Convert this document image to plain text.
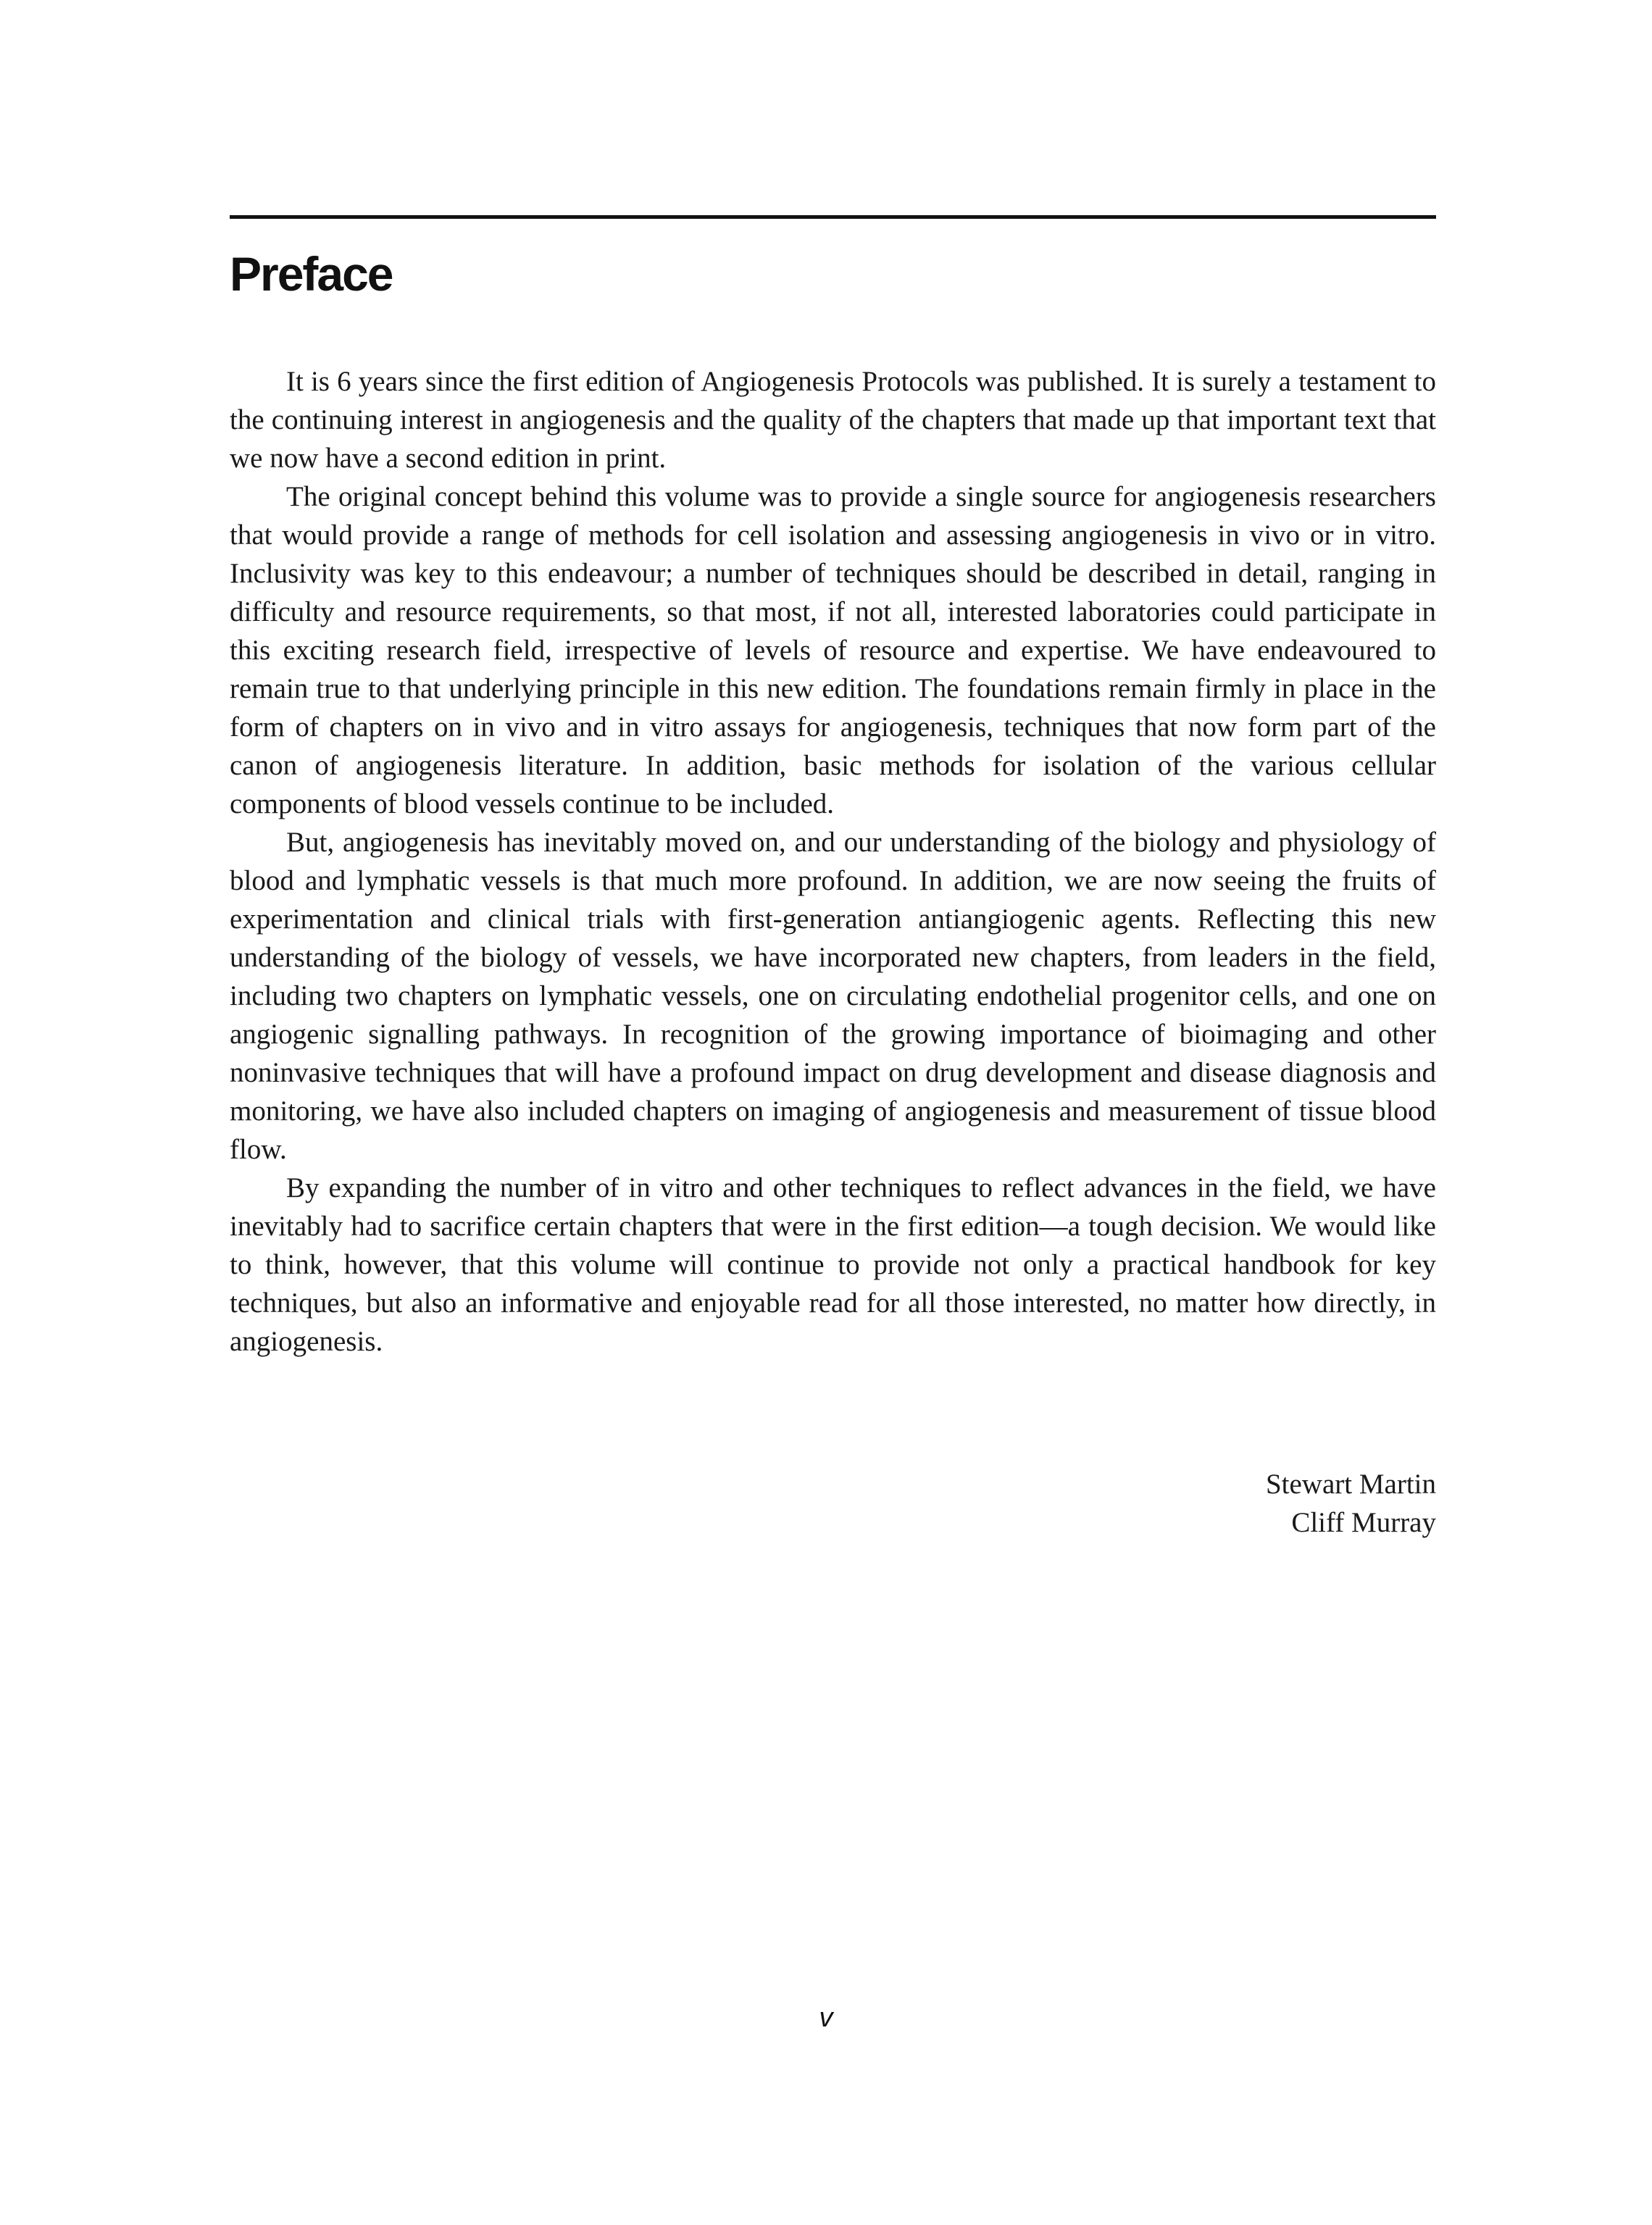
Preface

It is 6 years since the first edition of Angiogenesis Protocols was published. It is surely a testament to the continuing interest in angiogenesis and the quality of the chapters that made up that important text that we now have a second edition in print.

The original concept behind this volume was to provide a single source for angiogenesis researchers that would provide a range of methods for cell isolation and assessing angiogenesis in vivo or in vitro. Inclusivity was key to this endeavour; a number of techniques should be described in detail, ranging in difficulty and resource requirements, so that most, if not all, interested laboratories could participate in this exciting research field, irrespective of levels of resource and expertise. We have endeavoured to remain true to that underlying principle in this new edition. The foundations remain firmly in place in the form of chapters on in vivo and in vitro assays for angiogenesis, techniques that now form part of the canon of angiogenesis literature. In addition, basic methods for isolation of the various cellular components of blood vessels continue to be included.

But, angiogenesis has inevitably moved on, and our understanding of the biology and physiology of blood and lymphatic vessels is that much more profound. In addition, we are now seeing the fruits of experimentation and clinical trials with first-generation antiangiogenic agents. Reflecting this new understanding of the biology of vessels, we have incorporated new chapters, from leaders in the field, including two chapters on lymphatic vessels, one on circulating endothelial progenitor cells, and one on angiogenic signalling pathways. In recognition of the growing importance of bioimaging and other noninvasive techniques that will have a profound impact on drug development and disease diagnosis and monitoring, we have also included chapters on imaging of angiogenesis and measurement of tissue blood flow.

By expanding the number of in vitro and other techniques to reflect advances in the field, we have inevitably had to sacrifice certain chapters that were in the first edition—a tough decision. We would like to think, however, that this volume will continue to provide not only a practical handbook for key techniques, but also an informative and enjoyable read for all those interested, no matter how directly, in angiogenesis.

Stewart Martin
Cliff Murray
v
